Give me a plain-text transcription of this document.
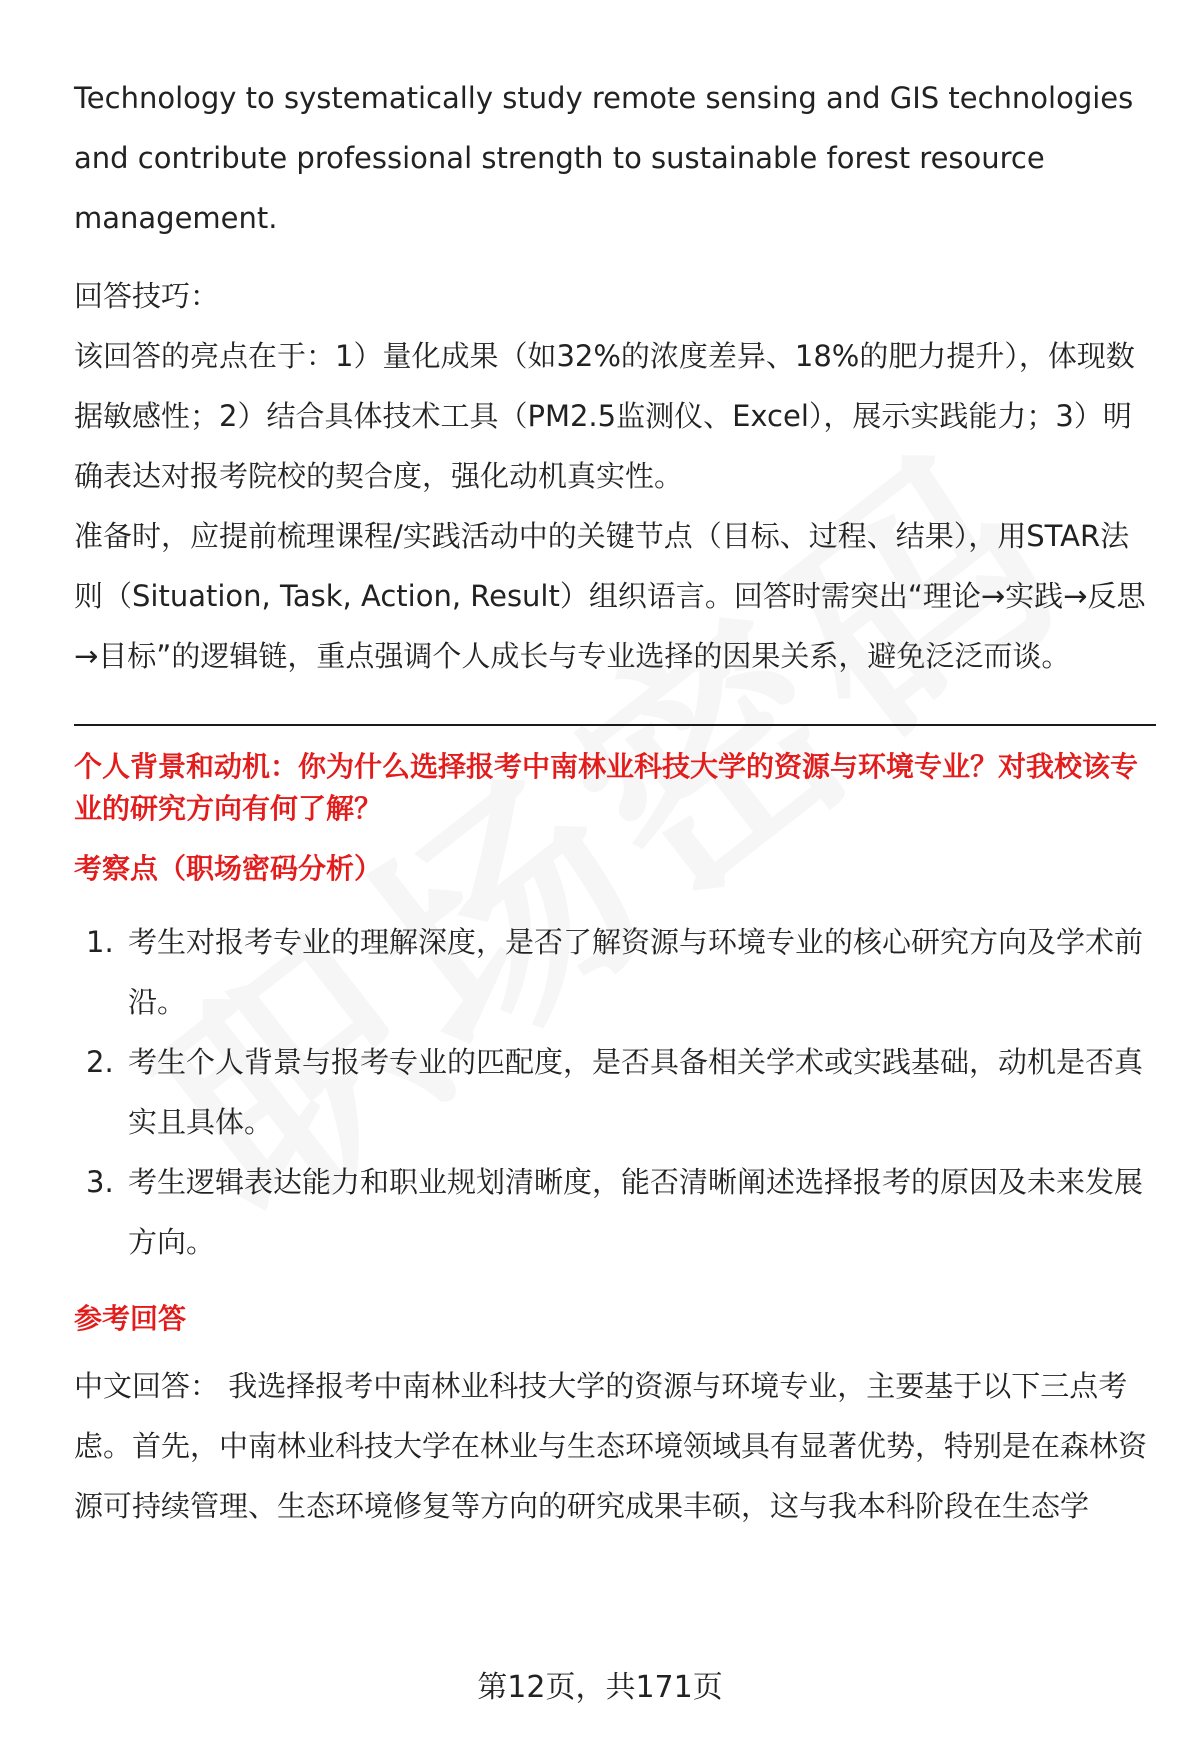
Technology to systematically study remote sensing and GIS technologies

and contribute professional strength to sustainable forest resource

management.

回答技巧：

该回答的亮点在于：1）量化成果（如32%的浓度差异、18%的肥力提升），体现数据敏感性；2）结合具体技术工具（PM2.5监测仪、Excel），展示实践能力；3）明确表达对报考院校的契合度，强化动机真实性。

准备时，应提前梳理课程/实践活动中的关键节点（目标、过程、结果），用STAR法则（Situation, Task, Action, Result）组织语言。回答时需突出“理论→实践→反思→目标”的逻辑链，重点强调个人成长与专业选择的因果关系，避免泛泛而谈。

个人背景和动机：你为什么选择报考中南林业科技大学的资源与环境专业？对我校该专业的研究方向有何了解？

考察点（职场密码分析）

1. 考生对报考专业的理解深度，是否了解资源与环境专业的核心研究方向及学术前沿。
2. 考生个人背景与报考专业的匹配度，是否具备相关学术或实践基础，动机是否真实且具体。
3. 考生逻辑表达能力和职业规划清晰度，能否清晰阐述选择报考的原因及未来发展方向。

参考回答

中文回答： 我选择报考中南林业科技大学的资源与环境专业，主要基于以下三点考虑。首先，中南林业科技大学在林业与生态环境领域具有显著优势，特别是在森林资源可持续管理、生态环境修复等方向的研究成果丰硕，这与我本科阶段在生态学

第12页，共171页
